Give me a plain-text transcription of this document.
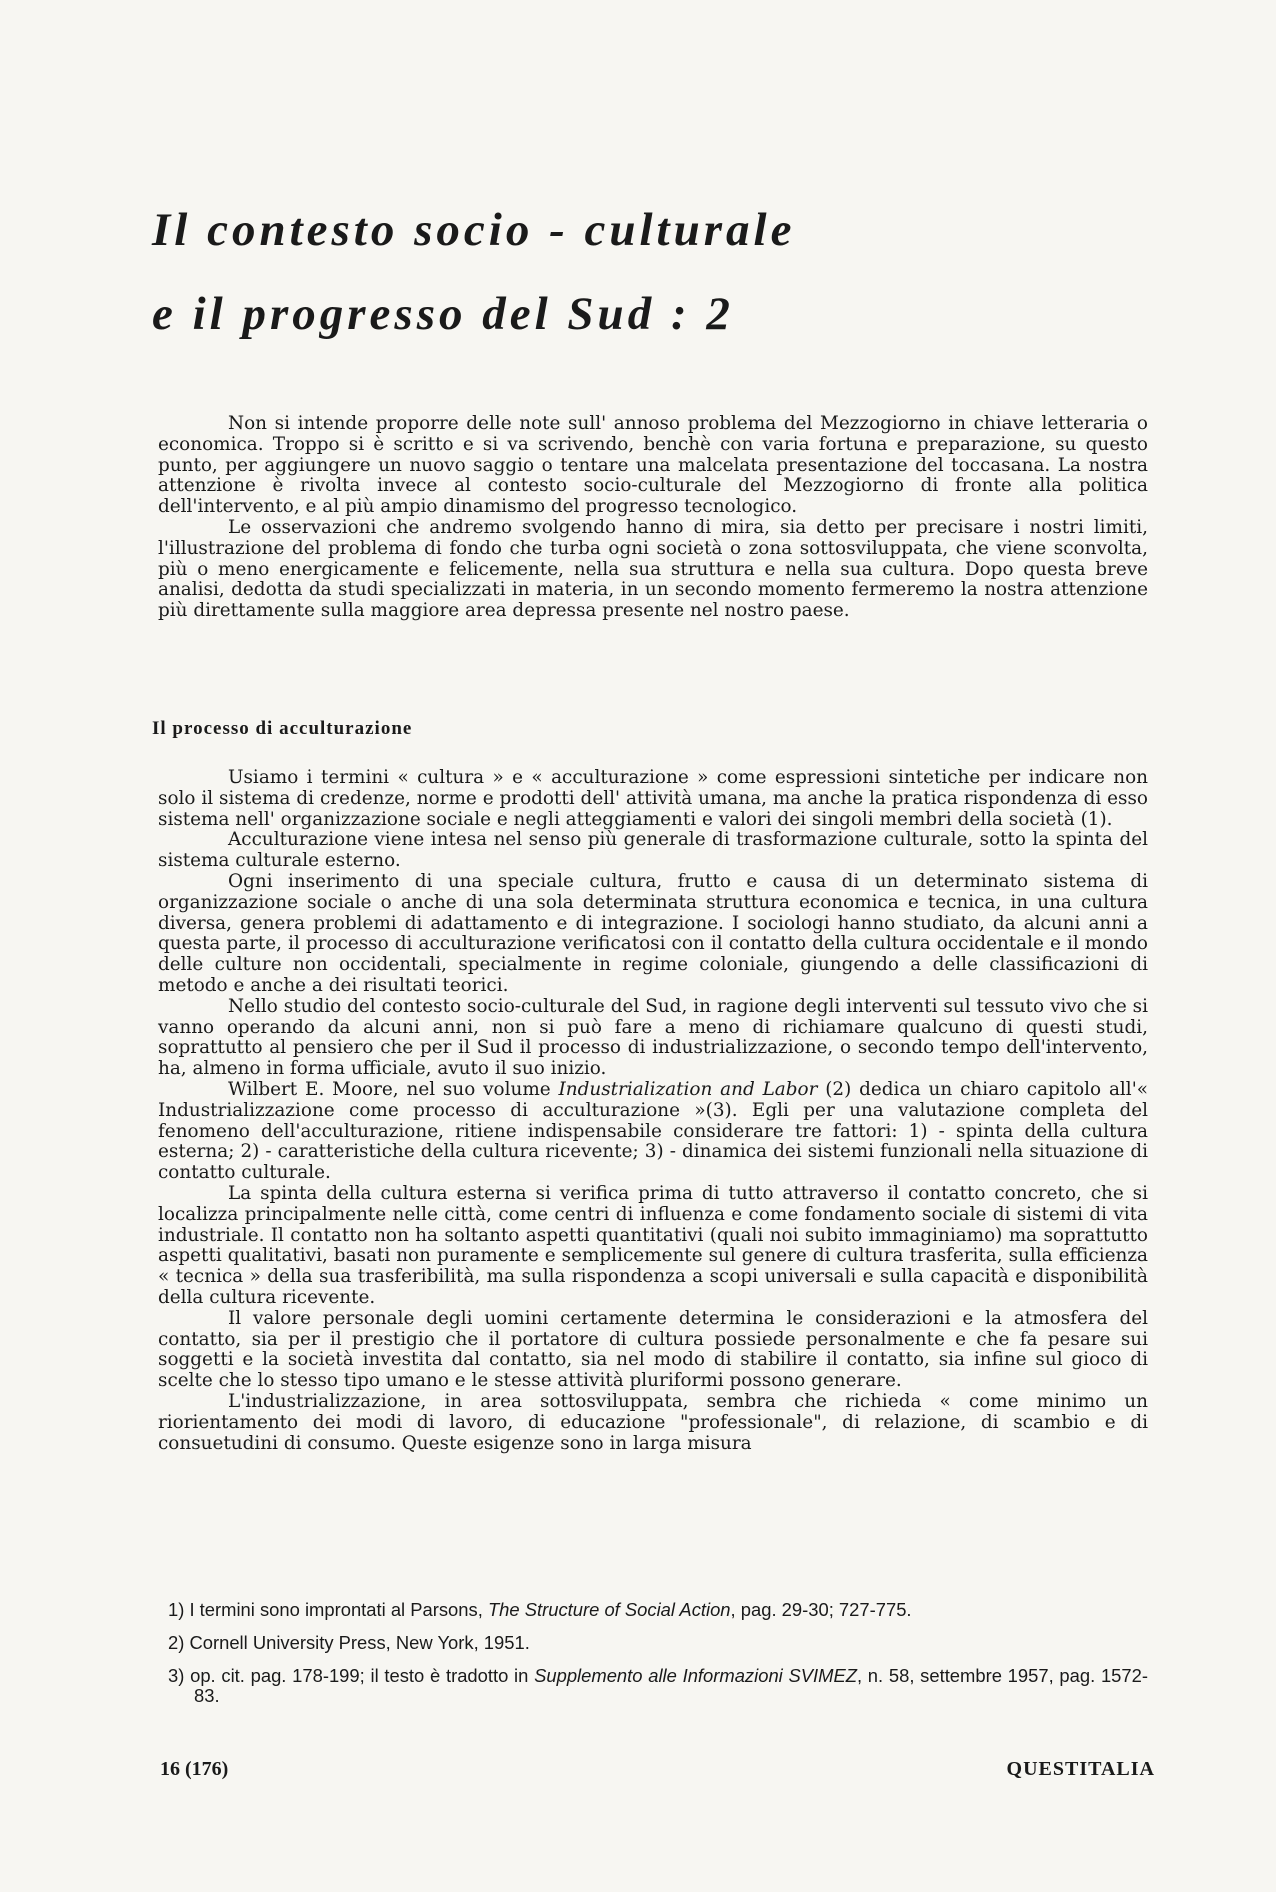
Il contesto socio - culturale
e il progresso del Sud : 2

Non si intende proporre delle note sull' annoso problema del Mezzogiorno in chiave letteraria o economica. Troppo si è scritto e si va scrivendo, benchè con varia fortuna e preparazione, su questo punto, per aggiungere un nuovo saggio o tentare una malcelata presentazione del toccasana. La nostra attenzione è rivolta invece al contesto socio-culturale del Mezzogiorno di fronte alla politica dell'intervento, e al più ampio dinamismo del progresso tecnologico.

Le osservazioni che andremo svolgendo hanno di mira, sia detto per precisare i nostri limiti, l'illustrazione del problema di fondo che turba ogni società o zona sottosviluppata, che viene sconvolta, più o meno energicamente e felicemente, nella sua struttura e nella sua cultura. Dopo questa breve analisi, dedotta da studi specializzati in materia, in un secondo momento fermeremo la nostra attenzione più direttamente sulla maggiore area depressa presente nel nostro paese.

Il processo di acculturazione

Usiamo i termini « cultura » e « acculturazione » come espressioni sintetiche per indicare non solo il sistema di credenze, norme e prodotti dell' attività umana, ma anche la pratica rispondenza di esso sistema nell' organizzazione sociale e negli atteggiamenti e valori dei singoli membri della società (1).

Acculturazione viene intesa nel senso più generale di trasformazione culturale, sotto la spinta del sistema culturale esterno.

Ogni inserimento di una speciale cultura, frutto e causa di un determinato sistema di organizzazione sociale o anche di una sola determinata struttura economica e tecnica, in una cultura diversa, genera problemi di adattamento e di integrazione. I sociologi hanno studiato, da alcuni anni a questa parte, il processo di acculturazione verificatosi con il contatto della cultura occidentale e il mondo delle culture non occidentali, specialmente in regime coloniale, giungendo a delle classificazioni di metodo e anche a dei risultati teorici.

Nello studio del contesto socio-culturale del Sud, in ragione degli interventi sul tessuto vivo che si vanno operando da alcuni anni, non si può fare a meno di richiamare qualcuno di questi studi, soprattutto al pensiero che per il Sud il processo di industrializzazione, o secondo tempo dell'intervento, ha, almeno in forma ufficiale, avuto il suo inizio.

Wilbert E. Moore, nel suo volume Industrialization and Labor (2) dedica un chiaro capitolo all'« Industrializzazione come processo di acculturazione »(3). Egli per una valutazione completa del fenomeno dell'acculturazione, ritiene indispensabile considerare tre fattori: 1) - spinta della cultura esterna; 2) - caratteristiche della cultura ricevente; 3) - dinamica dei sistemi funzionali nella situazione di contatto culturale.

La spinta della cultura esterna si verifica prima di tutto attraverso il contatto concreto, che si localizza principalmente nelle città, come centri di influenza e come fondamento sociale di sistemi di vita industriale. Il contatto non ha soltanto aspetti quantitativi (quali noi subito immaginiamo) ma soprattutto aspetti qualitativi, basati non puramente e semplicemente sul genere di cultura trasferita, sulla efficienza « tecnica » della sua trasferibilità, ma sulla rispondenza a scopi universali e sulla capacità e disponibilità della cultura ricevente.

Il valore personale degli uomini certamente determina le considerazioni e la atmosfera del contatto, sia per il prestigio che il portatore di cultura possiede personalmente e che fa pesare sui soggetti e la società investita dal contatto, sia nel modo di stabilire il contatto, sia infine sul gioco di scelte che lo stesso tipo umano e le stesse attività pluriformi possono generare.

L'industrializzazione, in area sottosviluppata, sembra che richieda « come minimo un riorientamento dei modi di lavoro, di educazione "professionale", di relazione, di scambio e di consuetudini di consumo. Queste esigenze sono in larga misura

1) I termini sono improntati al Parsons, The Structure of Social Action, pag. 29-30; 727-775.

2) Cornell University Press, New York, 1951.

3) op. cit. pag. 178-199; il testo è tradotto in Supplemento alle Informazioni SVIMEZ, n. 58, settembre 1957, pag. 1572-83.

16 (176)	QUESTITALIA
